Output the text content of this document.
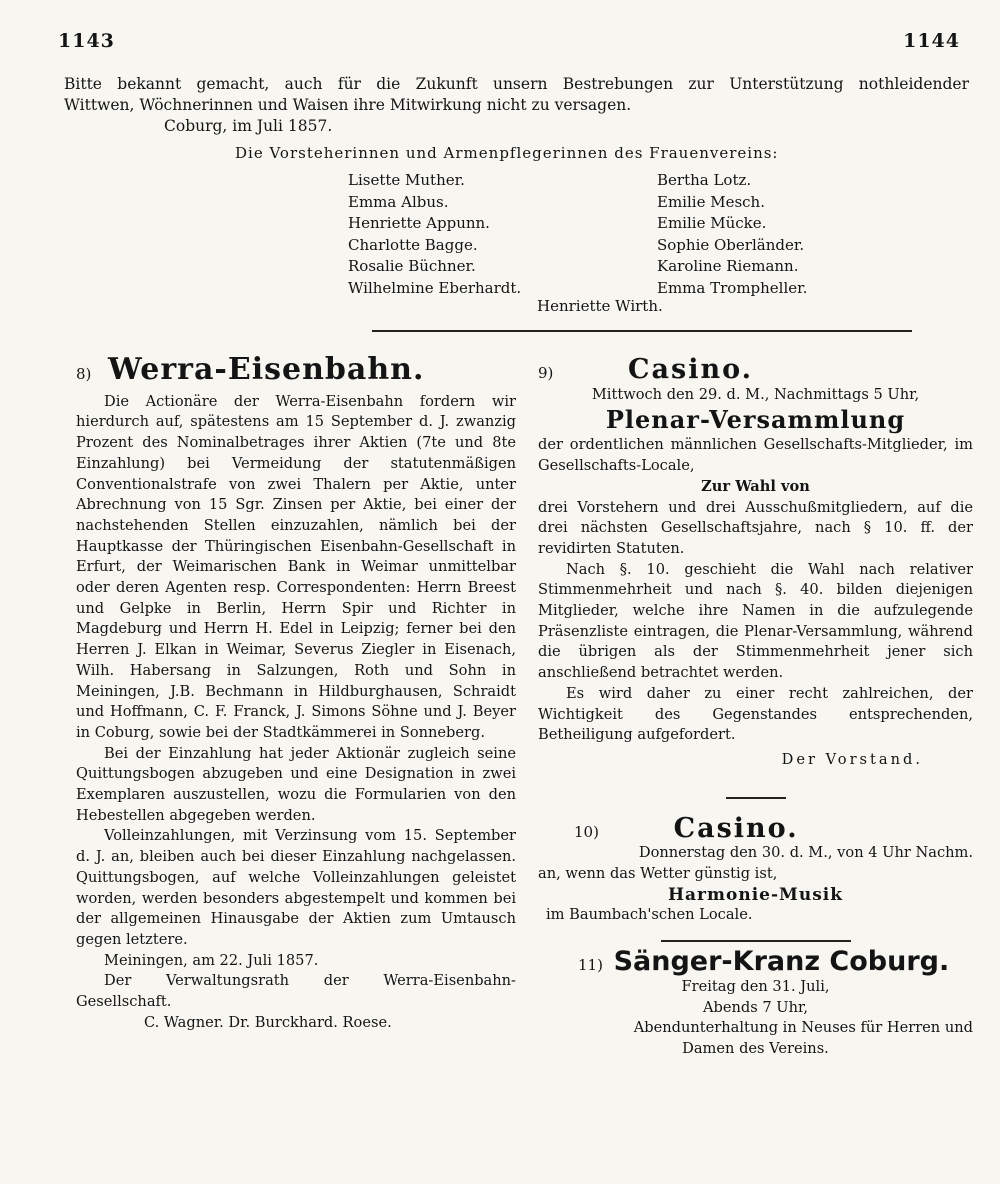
1143	1144
Bitte bekannt gemacht, auch für die Zukunft unsern Bestrebungen zur Unterstützung nothleidender
Wittwen, Wöchnerinnen und Waisen ihre Mitwirkung nicht zu versagen.
Coburg, im Juli 1857.
Die Vorsteherinnen und Armenpflegerinnen des Frauenvereins:
Lisette Muther.
Emma Albus.
Henriette Appunn.
Charlotte Bagge.
Rosalie Büchner.
Wilhelmine Eberhardt.
Bertha Lotz.
Emilie Mesch.
Emilie Mücke.
Sophie Oberländer.
Karoline Riemann.
Emma Trompheller.
Henriette Wirth.
8) Werra-Eisenbahn.

Die Actionäre der Werra-Eisenbahn fordern wir hierdurch auf, spätestens am 15 September d. J. zwanzig Prozent des Nominalbetrages ihrer Aktien (7te und 8te Einzahlung) bei Vermeidung der statutenmäßigen Conventionalstrafe von zwei Thalern per Aktie, unter Abrechnung von 15 Sgr. Zinsen per Aktie, bei einer der nachstehenden Stellen einzuzahlen, nämlich bei der Hauptkasse der Thüringischen Eisenbahn-Gesellschaft in Erfurt, der Weimarischen Bank in Weimar unmittelbar oder deren Agenten resp. Correspondenten: Herrn Breest und Gelpke in Berlin, Herrn Spir und Richter in Magdeburg und Herrn H. Edel in Leipzig; ferner bei den Herren J. Elkan in Weimar, Severus Ziegler in Eisenach, Wilh. Habersang in Salzungen, Roth und Sohn in Meiningen, J.B. Bechmann in Hildburghausen, Schraidt und Hoffmann, C. F. Franck, J. Simons Söhne und J. Beyer in Coburg, sowie bei der Stadtkämmerei in Sonneberg.

Bei der Einzahlung hat jeder Aktionär zugleich seine Quittungsbogen abzugeben und eine Designation in zwei Exemplaren auszustellen, wozu die Formularien von den Hebestellen abgegeben werden.

Volleinzahlungen, mit Verzinsung vom 15. September d. J. an, bleiben auch bei dieser Einzahlung nachgelassen. Quittungsbogen, auf welche Volleinzahlungen geleistet worden, werden besonders abgestempelt und kommen bei der allgemeinen Hinausgabe der Aktien zum Umtausch gegen letztere.

Meiningen, am 22. Juli 1857.

Der Verwaltungsrath der Werra-Eisenbahn-Gesellschaft.

C. Wagner. Dr. Burckhard. Roese.

9)	Casino.

Mittwoch den 29. d. M., Nachmittags 5 Uhr,

Plenar-Versammlung

der ordentlichen männlichen Gesellschafts-Mitglieder, im Gesellschafts-Locale,

Zur Wahl von

drei Vorstehern und drei Ausschußmitgliedern, auf die drei nächsten Gesellschaftsjahre, nach § 10. ff. der revidirten Statuten.

Nach §. 10. geschieht die Wahl nach relativer Stimmenmehrheit und nach §. 40. bilden diejenigen Mitglieder, welche ihre Namen in die aufzulegende Präsenzliste eintragen, die Plenar-Versammlung, während die übrigen als der Stimmenmehrheit jener sich anschließend betrachtet werden.

Es wird daher zu einer recht zahlreichen, der Wichtigkeit des Gegenstandes entsprechenden, Betheiligung aufgefordert.

Der Vorstand.

10)	Casino.

Donnerstag den 30. d. M., von 4 Uhr Nachm.

an, wenn das Wetter günstig ist,

Harmonie-Musik

im Baumbach'schen Locale.

11) Sänger-Kranz Coburg.

Freitag den 31. Juli,

Abends 7 Uhr,

Abendunterhaltung in Neuses für Herren und

Damen des Vereins.
